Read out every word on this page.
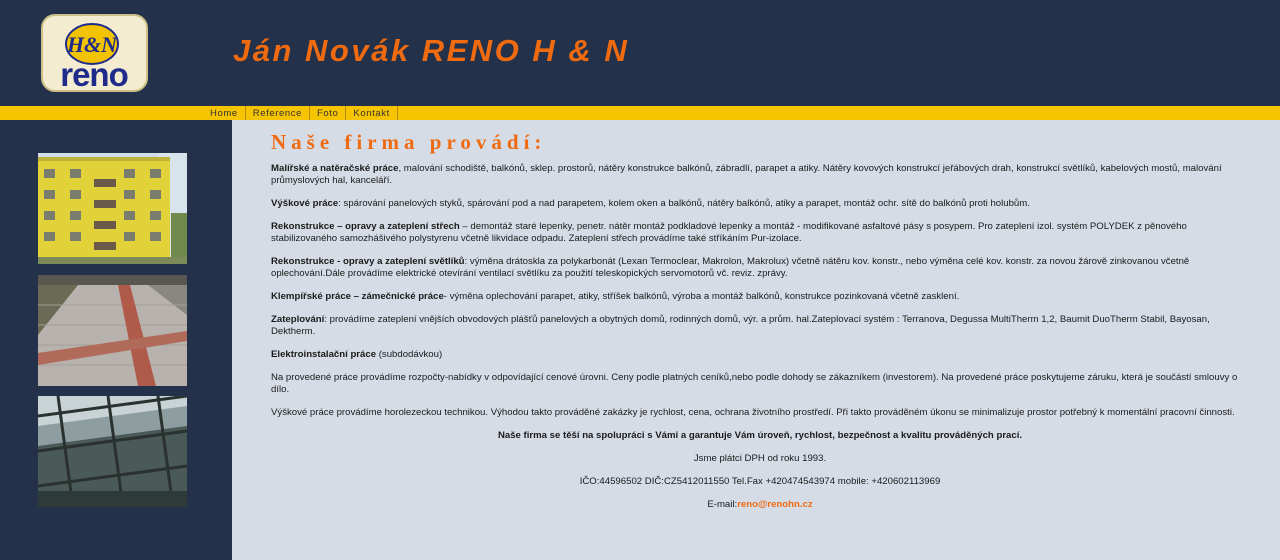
H&N
reno
Ján Novák RENO H & N
Home	Reference	Foto	Kontakt
Naše firma provádí:

Malířské a natěračské práce, malování schodiště, balkónů, sklep. prostorů, nátěry konstrukce balkónů, zábradlí, parapet a atiky. Nátěry kovových konstrukcí jeřábových drah, konstrukcí světlíků, kabelových mostů, malování průmyslových hal, kanceláří.

Výškové práce: spárování panelových styků, spárování pod a nad parapetem, kolem oken a balkónů, nátěry balkónů, atiky a parapet, montáž ochr. sítě do balkónů proti holubům.

Rekonstrukce – opravy a zateplení střech – demontáž staré lepenky, penetr. nátěr montáž podkladové lepenky a montáž - modifikované asfaltové pásy s posypem. Pro zateplení izol. systém POLYDEK z pěnového stabilizovaného samozhášivého polystyrenu včetně likvidace odpadu. Zateplení střech provádíme také stříkáním Pur-izolace.

Rekonstrukce - opravy a zateplení světlíků: výměna drátoskla za polykarbonát (Lexan Termoclear, Makrolon, Makrolux) včetně nátěru kov. konstr., nebo výměna celé kov. konstr. za novou žárově zinkovanou včetně oplechování.Dále provádíme elektrické otevírání ventilací světlíku za použití teleskopických servomotorů vč. reviz. zprávy.

Klempířské práce – zámečnické práce- výměna oplechování parapet, atiky, stříšek balkónů, výroba a montáž balkónů, konstrukce pozinkovaná včetně zasklení.

Zateplování: provádíme zateplení vnějších obvodových plášťů panelových a obytných domů, rodinných domů, výr. a prům. hal.Zateplovací systém : Terranova, Degussa MultiTherm 1,2, Baumit DuoTherm Stabil, Bayosan, Dektherm.

Elektroinstalační práce (subdodávkou)

Na provedené práce provádíme rozpočty-nabídky v odpovídající cenové úrovni. Ceny podle platných ceníků,nebo podle dohody se zákazníkem (investorem). Na provedené práce poskytujeme záruku, která je součástí smlouvy o dílo.

Výškové práce provádíme horolezeckou technikou. Výhodou takto prováděné zakázky je rychlost, cena, ochrana životního prostředí. Při takto prováděném úkonu se minimalizuje prostor potřebný k momentální pracovní činnosti.

Naše firma se těší na spolupráci s Vámi a garantuje Vám úroveň, rychlost, bezpečnost a kvalitu prováděných prací.

Jsme plátci DPH od roku 1993.

IČO:44596502 DIČ:CZ5412011550 Tel.Fax +420474543974 mobile: +420602113969

E-mail:reno@renohn.cz
